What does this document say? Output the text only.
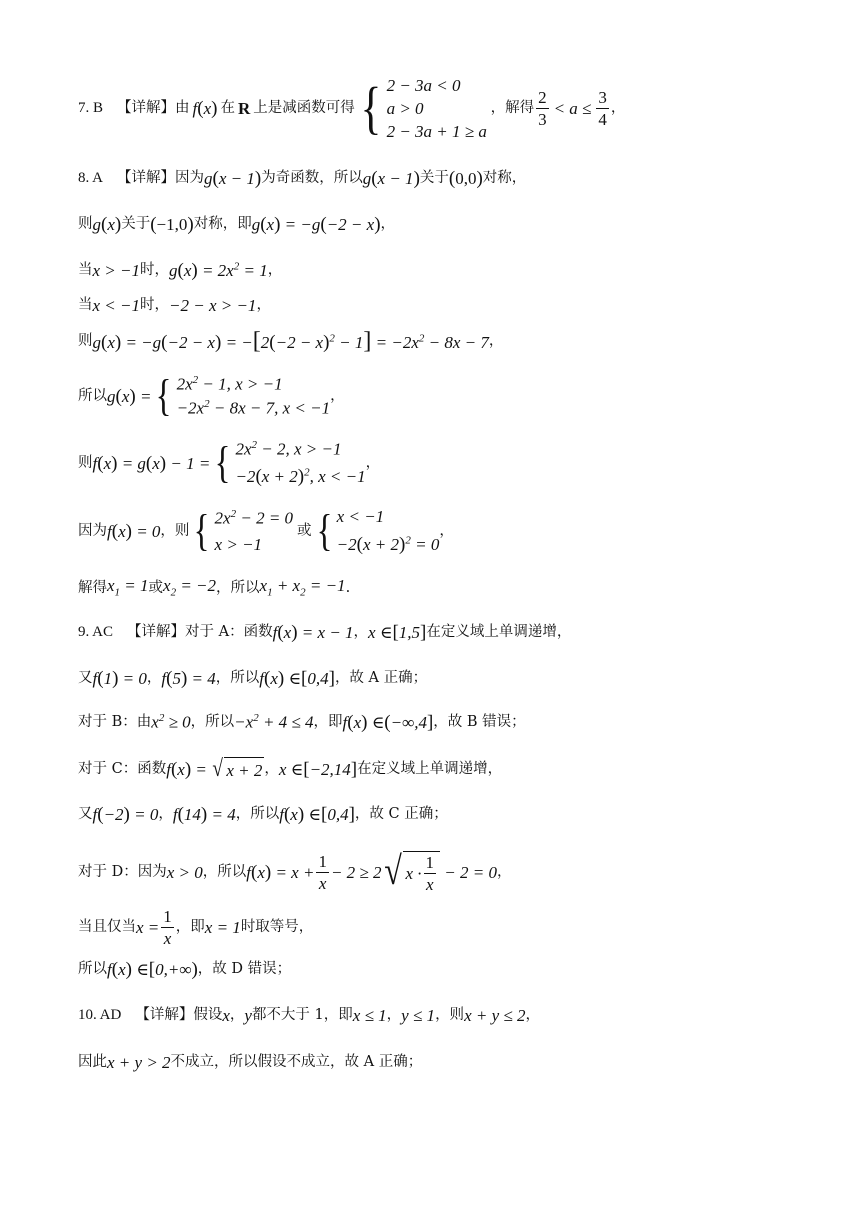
7. B 【详解】 由 f(x) 在 R 上是减函数可得 { 2 − 3a < 0
a > 0
2 − 3a + 1 ≥ a
，解得 $\frac{2}{3} < a \le \frac{3}{4}$ ，
8. A 【详解】 因为 g(x − 1) 为奇函数，所以 g(x − 1) 关于 (0,0) 对称，
则 g(x) 关于 (−1,0) 对称，即 g(x) = −g(−2 − x) ，
当 x > −1 时， $g(x) = 2x^2 = 1$ ，
当 x < −1 时， −2 − x > −1 ，
则 $g(x) = -g(-2 - x) = -[2(-2 - x)^2 - 1] = -2x^2 - 8x - 7$ ，
所以 g(x) = { $2x^2 - 1$, x > −1
$-2x^2 - 8x - 7$, x < −1
，
则 f(x) = g(x) − 1 = { $2x^2 - 2$, x > −1
$-2(x + 2)^2$, x < −1
，
因为 f(x) = 0 ，则 { $2x^2 - 2 = 0$
x > −1
或 { x < −1
$-2(x + 2)^2 = 0$
，
解得 $x_1 = 1$ 或 $x_2 = -2$ ，所以 $x_1 + x_2 = -1$ .
9. AC 【详解】 对于 A：函数 f(x) = x − 1 ， x ∈[1,5] 在定义域上单调递增，
又 f(1) = 0 ， f(5) = 4 ，所以 f(x) ∈[0,4] ，故 A 正确；
对于 B：由 $x^2 \ge 0$ ，所以 $-x^2 + 4 \le 4$ ，即 f(x) ∈(−∞,4] ，故 B 错误；
对于 C：函数 f ( x ) = √ x + 2 ， x ∈[−2,14] 在定义域上单调递增，
又 f(−2) = 0 ， f(14) = 4 ，所以 f(x) ∈[0,4] ，故 C 正确；
对于 D：因为 x > 0 ，所以 f ( x ) = $x + \frac{1}{x} - 2 \ge 2$ √ $x \cdot \frac{1}{x} - 2 = 0$ ，
当且仅当 $x = \frac{1}{x}$ ，即 x = 1 时取等号，
所以 f(x) ∈[0,+∞) ，故 D 错误；
10. AD 【详解】 假设 x ， y 都不大于 1，即 x ≤ 1 ， y ≤ 1 ，则 x + y ≤ 2 ，
因此 x + y > 2 不成立，所以假设不成立，故 A 正确；
